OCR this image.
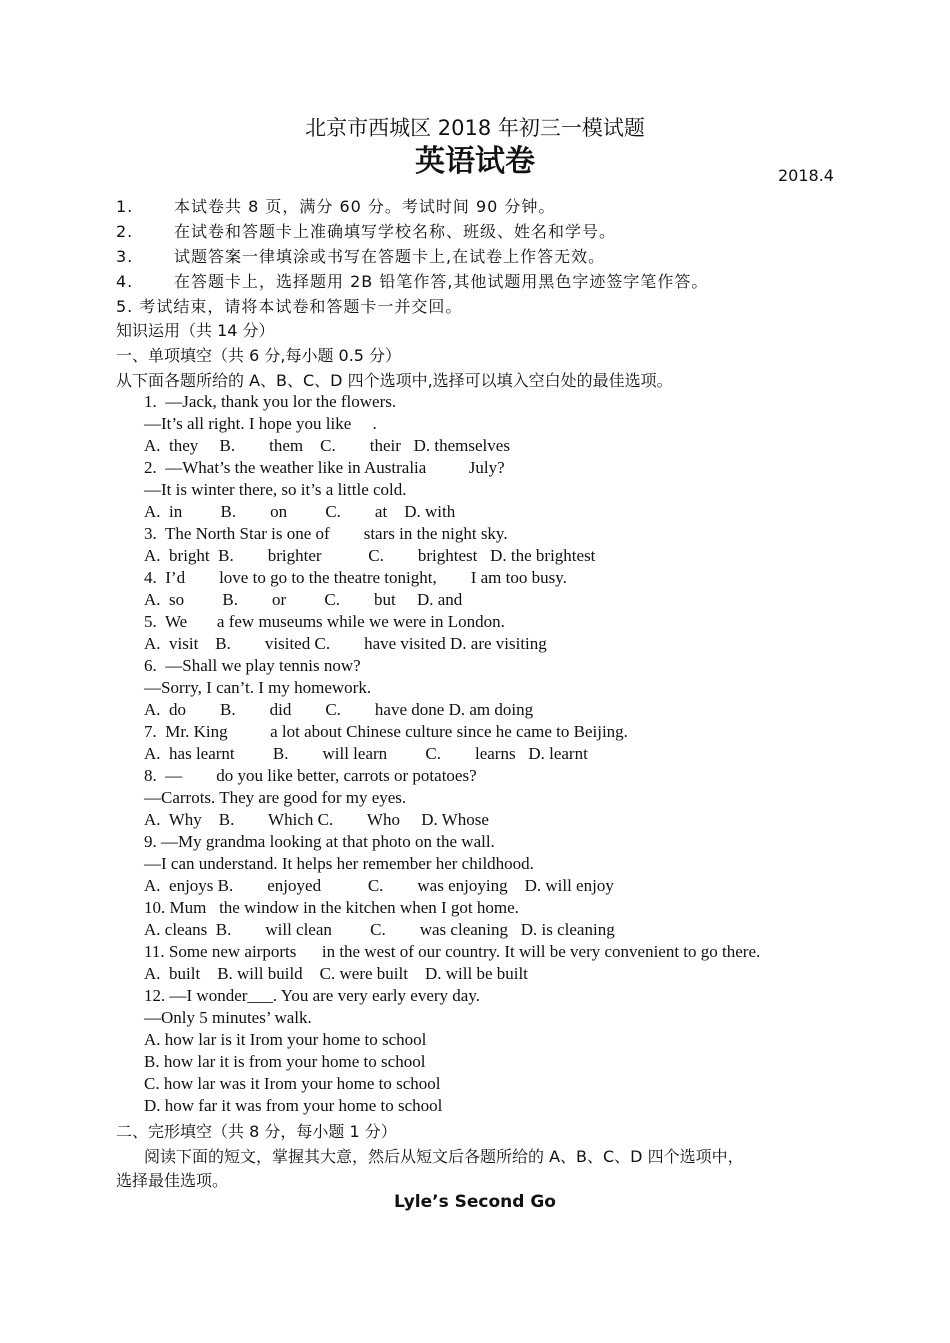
北京市西城区 2018 年初三一模试题
英语试卷	2018.4
1.	本试卷共 8 页，满分 60 分。考试时间 90 分钟。
2.	在试卷和答题卡上准确填写学校名称、班级、姓名和学号。
3.	试题答案一律填涂或书写在答题卡上,在试卷上作答无效。
4.	在答题卡上，选择题用 2B 铅笔作答,其他试题用黑色字迹签字笔作答。
5. 考试结束，请将本试卷和答题卡一并交回。
知识运用（共 14 分）
一、单项填空（共 6 分,每小题 0.5 分）
从下面各题所给的 A、B、C、D 四个选项中,选择可以填入空白处的最佳选项。
1.  —Jack, thank you lor the flowers.
—It’s all right. I hope you like     .
A.  they     B.        them    C.        their   D. themselves
2.  —What’s the weather like in Australia          July?
—It is winter there, so it’s a little cold.
A.  in         B.        on         C.        at    D. with
3.  The North Star is one of        stars in the night sky.
A.  bright  B.        brighter           C.        brightest   D. the brightest
4.  I’d        love to go to the theatre tonight,        I am too busy.
A.  so         B.        or         C.        but     D. and
5.  We       a few museums while we were in London.
A.  visit    B.        visited C.        have visited D. are visiting
6.  —Shall we play tennis now?
—Sorry, I can’t. I my homework.
A.  do        B.        did        C.        have done D. am doing
7.  Mr. King          a lot about Chinese culture since he came to Beijing.
A.  has learnt         B.        will learn         C.        learns   D. learnt
8.  —        do you like better, carrots or potatoes?
—Carrots. They are good for my eyes.
A.  Why    B.        Which C.        Who     D. Whose
9. —My grandma looking at that photo on the wall.
—I can understand. It helps her remember her childhood.
A.  enjoys B.        enjoyed           C.        was enjoying    D. will enjoy
10. Mum   the window in the kitchen when I got home.
A. cleans  B.        will clean         C.        was cleaning   D. is cleaning
11. Some new airports      in the west of our country. It will be very convenient to go there.
A.  built    B. will build    C. were built    D. will be built
12. —I wonder___. You are very early every day.
—Only 5 minutes’ walk.
A. how lar is it Irom your home to school
B. how lar it is from your home to school
C. how lar was it Irom your home to school
D. how far it was from your home to school
二、完形填空（共 8 分，每小题 1 分）
阅读下面的短文，掌握其大意，然后从短文后各题所给的 A、B、C、D 四个选项中，
选择最佳选项。
Lyle’s Second Go
